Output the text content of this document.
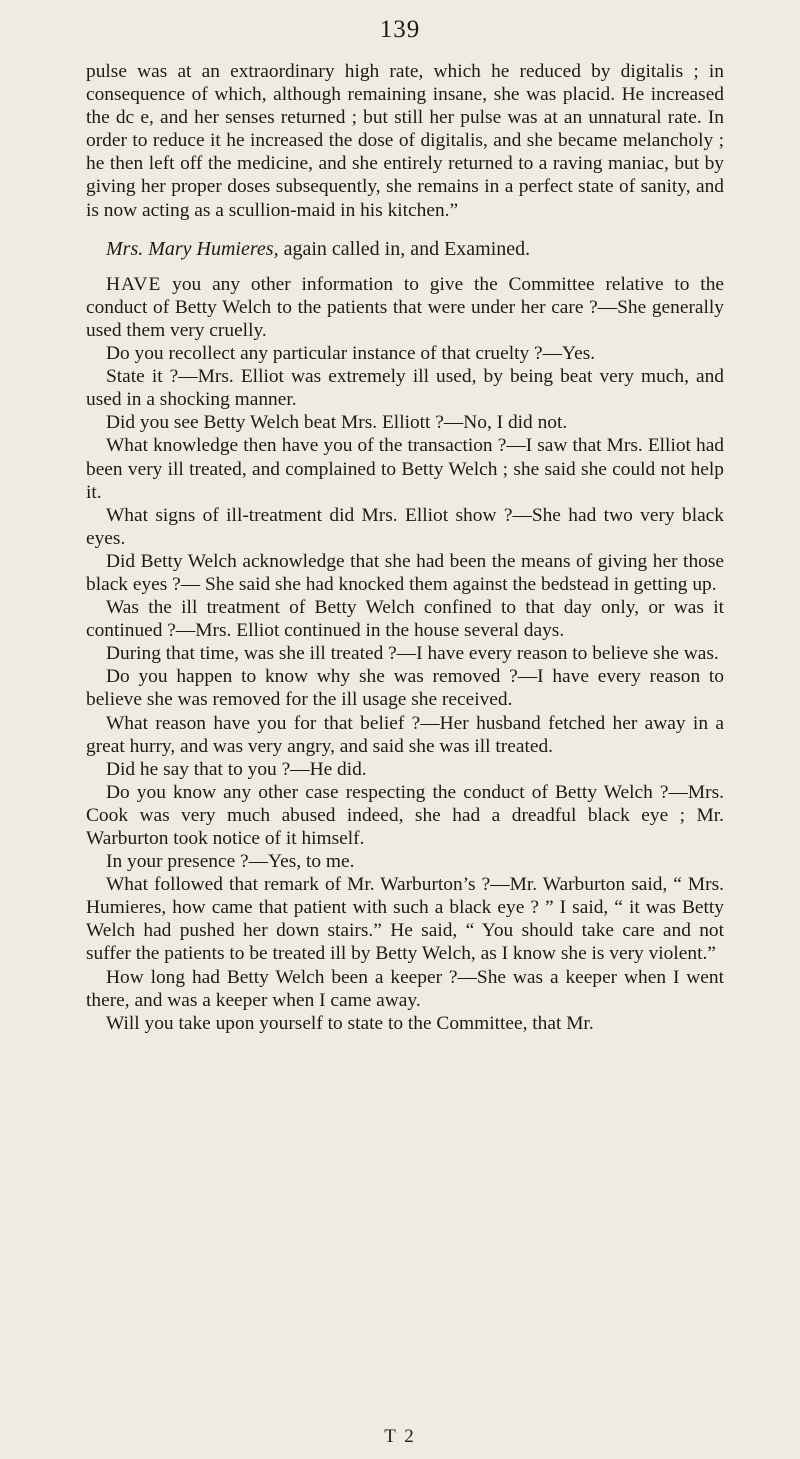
139

pulse was at an extraordinary high rate, which he reduced by digitalis ; in consequence of which, although remaining insane, she was placid. He increased the dc e, and her senses returned ; but still her pulse was at an unnatural rate. In order to reduce it he increased the dose of digitalis, and she became melancholy ; he then left off the medicine, and she entirely returned to a raving maniac, but by giving her proper doses subsequently, she remains in a perfect state of sanity, and is now acting as a scullion-maid in his kitchen.”

Mrs. Mary Humieres, again called in, and Examined.

HAVE you any other information to give the Committee relative to the conduct of Betty Welch to the patients that were under her care ?—She generally used them very cruelly.

Do you recollect any particular instance of that cruelty ?—Yes.

State it ?—Mrs. Elliot was extremely ill used, by being beat very much, and used in a shocking manner.

Did you see Betty Welch beat Mrs. Elliott ?—No, I did not.

What knowledge then have you of the transaction ?—I saw that Mrs. Elliot had been very ill treated, and complained to Betty Welch ; she said she could not help it.

What signs of ill-treatment did Mrs. Elliot show ?—She had two very black eyes.

Did Betty Welch acknowledge that she had been the means of giving her those black eyes ?— She said she had knocked them against the bedstead in getting up.

Was the ill treatment of Betty Welch confined to that day only, or was it continued ?—Mrs. Elliot continued in the house several days.

During that time, was she ill treated ?—I have every reason to believe she was.

Do you happen to know why she was removed ?—I have every reason to believe she was removed for the ill usage she received.

What reason have you for that belief ?—Her husband fetched her away in a great hurry, and was very angry, and said she was ill treated.

Did he say that to you ?—He did.

Do you know any other case respecting the conduct of Betty Welch ?—Mrs. Cook was very much abused indeed, she had a dreadful black eye ; Mr. Warburton took notice of it himself.

In your presence ?—Yes, to me.

What followed that remark of Mr. Warburton’s ?—Mr. Warburton said, “ Mrs. Humieres, how came that patient with such a black eye ? ” I said, “ it was Betty Welch had pushed her down stairs.” He said, “ You should take care and not suffer the patients to be treated ill by Betty Welch, as I know she is very violent.”

How long had Betty Welch been a keeper ?—She was a keeper when I went there, and was a keeper when I came away.

Will you take upon yourself to state to the Committee, that Mr.

T 2
